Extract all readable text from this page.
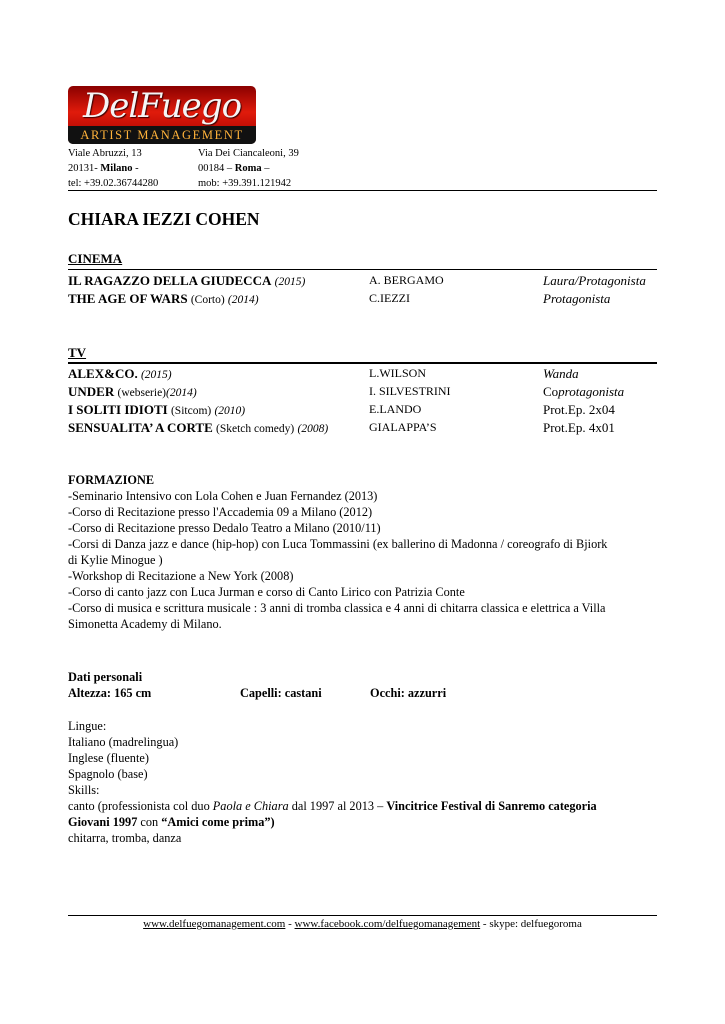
DelFuego
ARTIST MANAGEMENT
Viale Abruzzi, 13
20131- Milano -
tel: +39.02.36744280
Via Dei Ciancaleoni, 39
00184 – Roma –
mob: +39.391.121942
CHIARA IEZZI COHEN
CINEMA
IL RAGAZZO DELLA GIUDECCA (2015)	A. BERGAMO	Laura/Protagonista
THE AGE OF WARS (Corto) (2014)	C.IEZZI	Protagonista
TV
ALEX&CO. (2015)	L.WILSON	Wanda
UNDER (webserie)(2014)	I. SILVESTRINI	Coprotagonista
I SOLITI IDIOTI (Sitcom) (2010)	E.LANDO	Prot.Ep. 2x04
SENSUALITA’ A CORTE (Sketch comedy) (2008)	GIALAPPA’S	Prot.Ep. 4x01
FORMAZIONE
-Seminario Intensivo con Lola Cohen e Juan Fernandez (2013)
-Corso di Recitazione presso l'Accademia 09 a Milano (2012)
-Corso di Recitazione presso Dedalo Teatro a Milano (2010/11)
-Corsi di Danza jazz e dance (hip-hop) con Luca Tommassini (ex ballerino di Madonna / coreografo di Bjiork
di Kylie Minogue )
-Workshop di Recitazione a New York (2008)
-Corso di canto jazz con Luca Jurman e corso di Canto Lirico con Patrizia Conte
-Corso di musica e scrittura musicale : 3 anni di tromba classica e 4 anni di chitarra classica e elettrica a Villa
Simonetta Academy di Milano.
Dati personali
Altezza: 165 cm	Capelli: castani	Occhi: azzurri
Lingue:
Italiano (madrelingua)
Inglese (fluente)
Spagnolo (base)
Skills:
canto (professionista col duo Paola e Chiara dal 1997 al 2013 – Vincitrice Festival di Sanremo categoria
Giovani 1997 con “Amici come prima”)
chitarra, tromba, danza
www.delfuegomanagement.com - www.facebook.com/delfuegomanagement - skype: delfuegoroma
